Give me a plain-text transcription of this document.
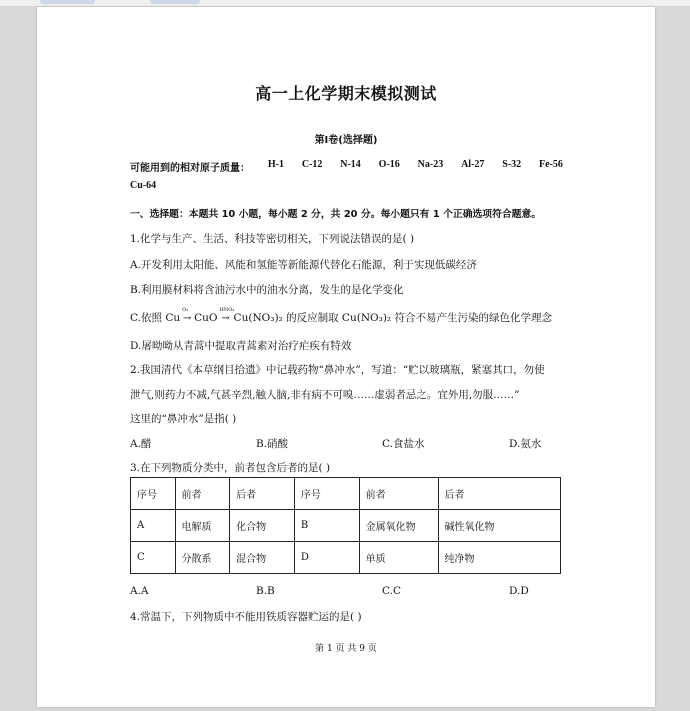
高一上化学期末模拟测试
第Ⅰ卷(选择题)
可能用到的相对原子质量： H-1 C-12 N-14 O-16 Na-23 Al-27 S-32 Fe-56
Cu-64
一、选择题：本题共 10 小题，每小题 2 分，共 20 分。每小题只有 1 个正确选项符合题意。
1.化学与生产、生活、科技等密切相关，下列说法错误的是( )
A.开发利用太阳能、风能和氢能等新能源代替化石能源，利于实现低碳经济
B.利用膜材料将含油污水中的油水分离，发生的是化学变化
C.依照 Cu
O₂
→ CuO
HNO₃
→ Cu(NO₃)₂ 的反应制取 Cu(NO₃)₂ 符合不易产生污染的绿色化学理念
D.屠呦呦从青蒿中提取青蒿素对治疗疟疾有特效
2.我国清代《本草纲目拾遗》中记载药物“鼻冲水”，写道：“贮以玻璃瓶，紧塞其口，勿使
泄气,则药力不减,气甚辛烈,触人脑,非有病不可嗅……虚弱者忌之。宜外用,勿服……”
这里的“鼻冲水”是指( )
A.醋	B.硝酸	C.食盐水	D.氨水
3.在下列物质分类中，前者包含后者的是( )
序号	前者	后者	序号	前者	后者
A	电解质	化合物	B	金属氧化物	碱性氧化物
C	分散系	混合物	D	单质	纯净物
A.A	B.B	C.C	D.D
4.常温下，下列物质中不能用铁质容器贮运的是( )
第 1 页 共 9 页
